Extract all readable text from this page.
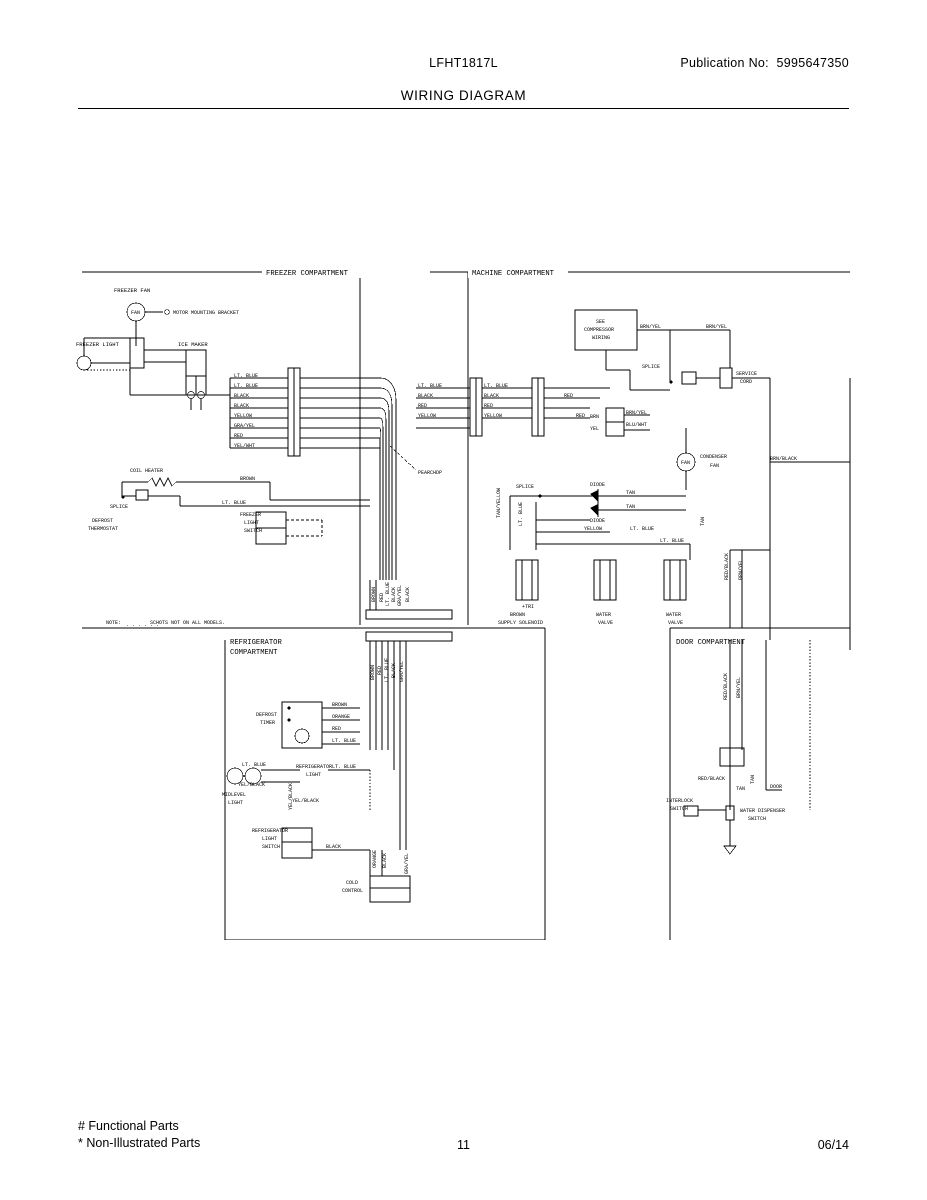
LFHT1817L	Publication No:  5995647350
WIRING DIAGRAM
FREEZER COMPARTMENT	MACHINE COMPARTMENT
REFRIGERATOR
COMPARTMENT
DOOR COMPARTMENT
NOTE: . . . . . .
SCHOTS NOT ON ALL MODELS.
FAN
FREEZER FAN
MOTOR MOUNTING BRACKET
FREEZER LIGHT	ICE MAKER
LT. BLUE
LT. BLUE
BLACK
BLACK
YELLOW
GRA/YEL
RED
YEL/WHT
PEARCHDP
LT. BLUE
BLACK
RED
YELLOW
LT. BLUE
BLACK
RED
YELLOW
RED
RED
SEE
COMPRESSOR
WIRING
BRN/YEL	BRN/YEL
SERVICE
CORD
SPLICE
FAN
CONDENSER
FAN
BRN
YEL
BRN/YEL
BLU/WHT
SPLICE
TAN/YELLOW	LT. BLUE
DIODE
DIODE
TAN
TAN
YELLOW	LT. BLUE
LT. BLUE
TAN
+TRI
BROWN
SUPPLY SOLENOID
WATER
VALVE
WATER
VALVE
BRN/BLACK
RED/BLACK BRN/YEL
COIL HEATER
SPLICE
DEFROST
THERMOSTAT
BROWN
LT. BLUE
FREEZER
LIGHT
SWITCH
BROWN RED LT. BLUE BLACK GRA/YEL BLACK
BROWN RED LT. BLUE BLACK GRA/YEL
DEFROST
TIMER
BROWN
ORANGE
RED
LT. BLUE
MIDLEVEL
LIGHT
LT. BLUE
YEL/BLACK
REFRIGERATOR
LIGHT
LT. BLUE
YEL/BLACK
YEL/BLACK
REFRIGERATOR
LIGHT
SWITCH	BLACK
COLD
CONTROL
ORANGE BLACK	GRA/YEL
RED/BLACK BRN/YEL
DOOR
RED/BLACK
TAN
TAN
INTERLOCK
SWITCH	WATER DISPENSER
SWITCH
# Functional Parts
* Non-Illustrated Parts	11	06/14
